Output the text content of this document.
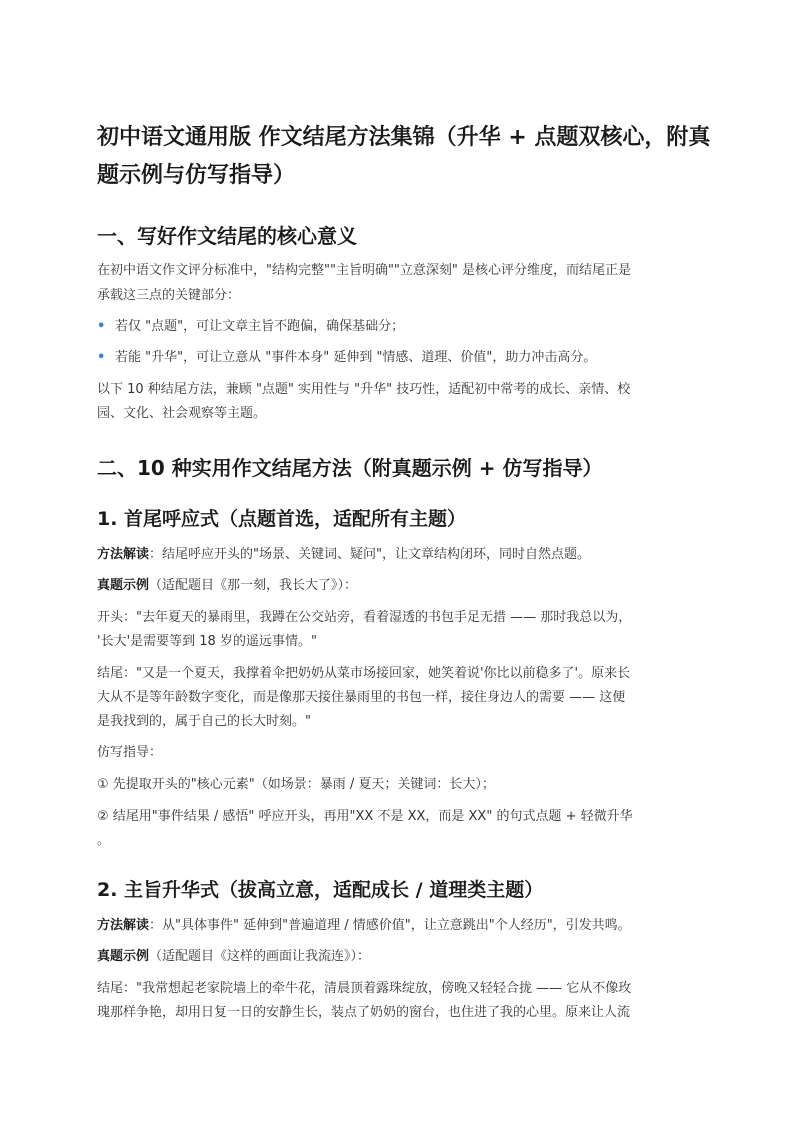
初中语文通用版 作文结尾方法集锦（升华 + 点题双核心，附真题示例与仿写指导）
一、写好作文结尾的核心意义
在初中语文作文评分标准中，"结构完整""主旨明确""立意深刻" 是核心评分维度，而结尾正是
承载这三点的关键部分：
• 若仅 "点题"，可让文章主旨不跑偏，确保基础分；
• 若能 "升华"，可让立意从 "事件本身" 延伸到 "情感、道理、价值"，助力冲击高分。
以下 10 种结尾方法，兼顾 "点题" 实用性与 "升华" 技巧性，适配初中常考的成长、亲情、校
园、文化、社会观察等主题。
二、10 种实用作文结尾方法（附真题示例 + 仿写指导）
1. 首尾呼应式（点题首选，适配所有主题）
方法解读：结尾呼应开头的"场景、关键词、疑问"，让文章结构闭环，同时自然点题。
真题示例（适配题目《那一刻，我长大了》）：
开头："去年夏天的暴雨里，我蹲在公交站旁，看着湿透的书包手足无措 —— 那时我总以为，
'长大'是需要等到 18 岁的遥远事情。"
结尾："又是一个夏天，我撑着伞把奶奶从菜市场接回家，她笑着说'你比以前稳多了'。原来长
大从不是等年龄数字变化，而是像那天接住暴雨里的书包一样，接住身边人的需要 —— 这便
是我找到的，属于自己的长大时刻。"
仿写指导：
① 先提取开头的"核心元素"（如场景：暴雨 / 夏天；关键词：长大）；
② 结尾用"事件结果 / 感悟" 呼应开头，再用"XX 不是 XX，而是 XX" 的句式点题 + 轻微升华
。
2. 主旨升华式（拔高立意，适配成长 / 道理类主题）
方法解读：从"具体事件" 延伸到"普遍道理 / 情感价值"，让立意跳出"个人经历"，引发共鸣。
真题示例（适配题目《这样的画面让我流连》）：
结尾："我常想起老家院墙上的牵牛花，清晨顶着露珠绽放，傍晚又轻轻合拢 —— 它从不像玫
瑰那样争艳，却用日复一日的安静生长，装点了奶奶的窗台，也住进了我的心里。原来让人流
